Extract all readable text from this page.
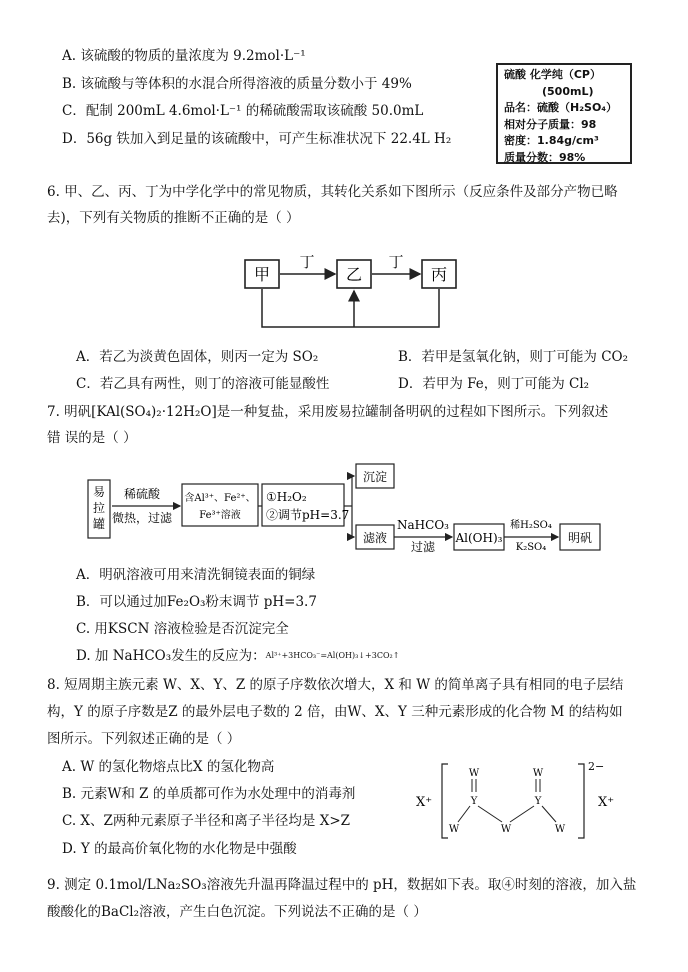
A. 该硫酸的物质的量浓度为 9.2mol·L⁻¹
B. 该硫酸与等体积的水混合所得溶液的质量分数小于 49%
C．配制 200mL 4.6mol·L⁻¹ 的稀硫酸需取该硫酸 50.0mL
D．56g 铁加入到足量的该硫酸中，可产生标准状况下 22.4L H₂
硫酸 化学纯（CP）
(500mL)
品名：硫酸（H₂SO₄）
相对分子质量：98
密度：1.84g/cm³
质量分数：98%
6. 甲、乙、丙、丁为中学化学中的常见物质，其转化关系如下图所示（反应条件及部分产物已略
去)，下列有关物质的推断不正确的是（ ）
甲	乙	丙
丁	丁
A．若乙为淡黄色固体，则丙一定为 SO₂	B．若甲是氢氧化钠，则丁可能为 CO₂
C．若乙具有两性，则丁的溶液可能显酸性	D．若甲为 Fe，则丁可能为 Cl₂
7. 明矾[KAl(SO₄)₂·12H₂O]是一种复盐，采用废易拉罐制备明矾的过程如下图所示。下列叙述
错 误的是（ ）
易
拉
罐
稀硫酸
微热，过滤
含Al³⁺、Fe²⁺、
Fe³⁺溶液
①H₂O₂
②调节pH=3.7
沉淀
滤液
NaHCO₃
过滤
Al(OH)₃
稀H₂SO₄
K₂SO₄
明矾
A．明矾溶液可用来清洗铜镜表面的铜绿
B．可以通过加Fe₂O₃粉末调节 pH=3.7
C. 用KSCN 溶液检验是否沉淀完全
D. 加 NaHCO₃发生的反应为：Al³⁺+3HCO₃⁻=Al(OH)₃↓+3CO₂↑
8. 短周期主族元素 W、X、Y、Z 的原子序数依次增大，X 和 W 的简单离子具有相同的电子层结
构，Y 的原子序数是Z 的最外层电子数的 2 倍，由W、X、Y 三种元素形成的化合物 M 的结构如
图所示。下列叙述正确的是（ ）
A. W 的氢化物熔点比X 的氢化物高
B. 元素W和 Z 的单质都可作为水处理中的消毒剂
C. X、Z两种元素原子半径和离子半径均是 X>Z
D. Y 的最高价氧化物的水化物是中强酸
X⁺
2−
X⁺
W	W
Y	Y
W	W	W
9. 测定 0.1mol/LNa₂SO₃溶液先升温再降温过程中的 pH，数据如下表。取④时刻的溶液，加入盐
酸酸化的BaCl₂溶液，产生白色沉淀。下列说法不正确的是（ ）
